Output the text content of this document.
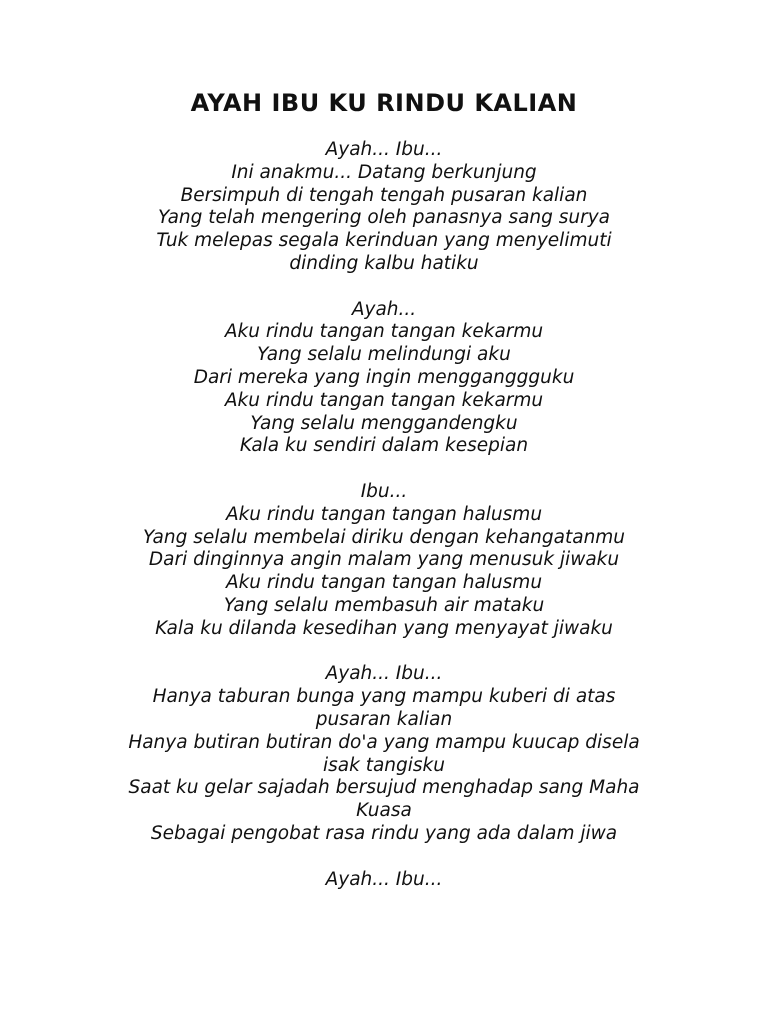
AYAH IBU KU RINDU KALIAN
Ayah... Ibu...
Ini anakmu... Datang berkunjung
Bersimpuh di tengah tengah pusaran kalian
Yang telah mengering oleh panasnya sang surya
Tuk melepas segala kerinduan yang menyelimuti
dinding kalbu hatiku
Ayah...
Aku rindu tangan tangan kekarmu
Yang selalu melindungi aku
Dari mereka yang ingin mengganggguku
Aku rindu tangan tangan kekarmu
Yang selalu menggandengku
Kala ku sendiri dalam kesepian
Ibu...
Aku rindu tangan tangan halusmu
Yang selalu membelai diriku dengan kehangatanmu
Dari dinginnya angin malam yang menusuk jiwaku
Aku rindu tangan tangan halusmu
Yang selalu membasuh air mataku
Kala ku dilanda kesedihan yang menyayat jiwaku
Ayah... Ibu...
Hanya taburan bunga yang mampu kuberi di atas
pusaran kalian
Hanya butiran butiran do'a yang mampu kuucap disela
isak tangisku
Saat ku gelar sajadah bersujud menghadap sang Maha
Kuasa
Sebagai pengobat rasa rindu yang ada dalam jiwa
Ayah... Ibu...
